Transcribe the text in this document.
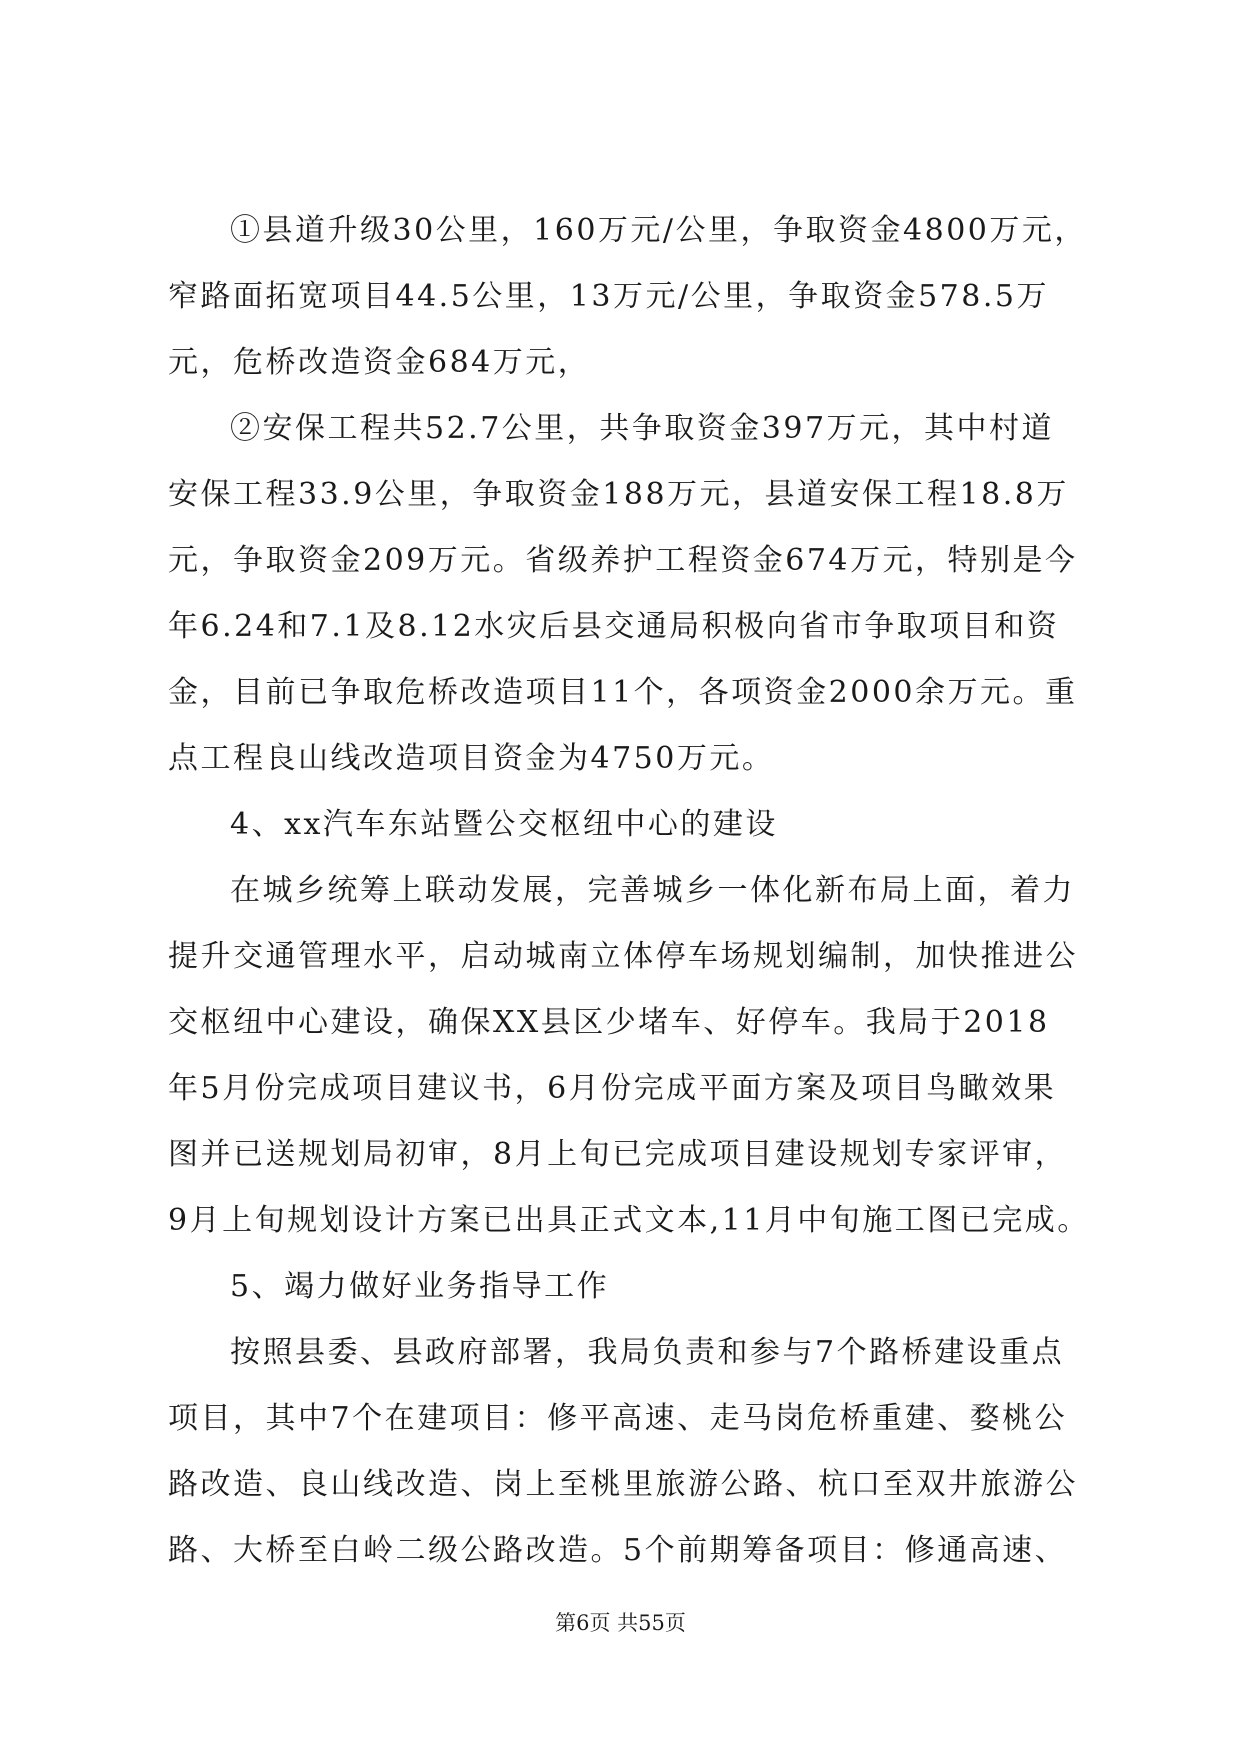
①县道升级30公里，160万元/公里，争取资金4800万元，
窄路面拓宽项目44.5公里，13万元/公里，争取资金578.5万
元，危桥改造资金684万元，

②安保工程共52.7公里，共争取资金397万元，其中村道
安保工程33.9公里，争取资金188万元，县道安保工程18.8万
元，争取资金209万元。省级养护工程资金674万元，特别是今
年6.24和7.1及8.12水灾后县交通局积极向省市争取项目和资
金，目前已争取危桥改造项目11个，各项资金2000余万元。重
点工程良山线改造项目资金为4750万元。

4、xx汽车东站暨公交枢纽中心的建设

在城乡统筹上联动发展，完善城乡一体化新布局上面，着力
提升交通管理水平，启动城南立体停车场规划编制，加快推进公
交枢纽中心建设，确保XX县区少堵车、好停车。我局于2018
年5月份完成项目建议书，6月份完成平面方案及项目鸟瞰效果
图并已送规划局初审，8月上旬已完成项目建设规划专家评审，
9月上旬规划设计方案已出具正式文本,11月中旬施工图已完成。

5、竭力做好业务指导工作

按照县委、县政府部署，我局负责和参与7个路桥建设重点
项目，其中7个在建项目：修平高速、走马岗危桥重建、婺桃公
路改造、良山线改造、岗上至桃里旅游公路、杭口至双井旅游公
路、大桥至白岭二级公路改造。5个前期筹备项目：修通高速、

第6页 共55页
